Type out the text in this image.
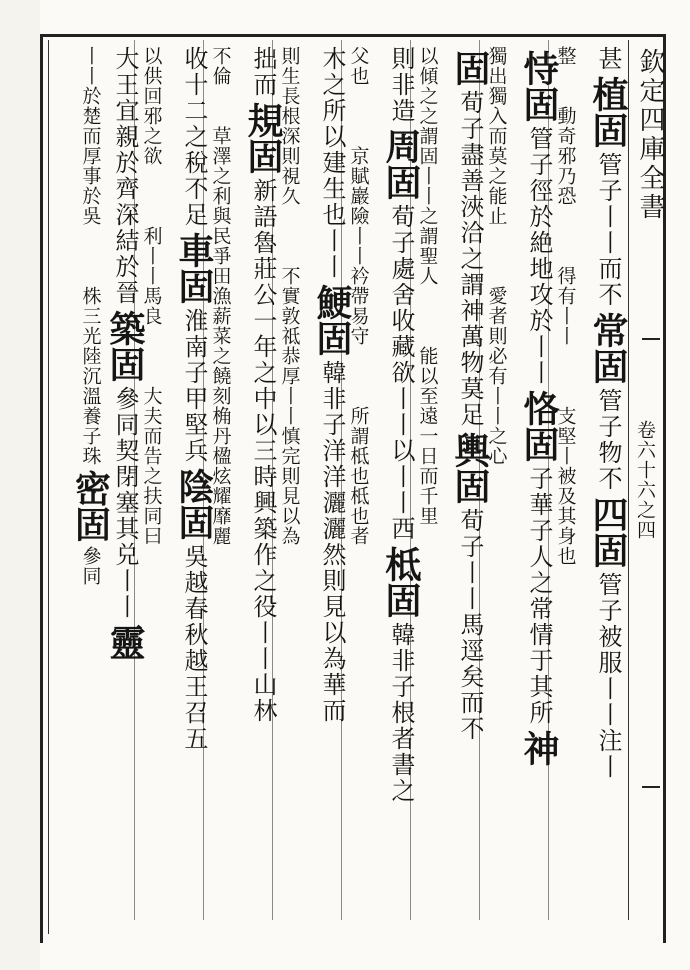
欽定四庫全書
卷六十六之四
甚植固管子丨丨而不常固管子物不四固管子被服丨丨注丨
整　　動奇邪乃恐　　　得有丨丨　　　支堅丨被及其身也
恃固管子徑於絶地攻於丨丨恪固子華子人之常情于其所神
獨出獨入而莫之能止　　　愛者則必有丨丨之心
固荀子盡善浹洽之謂神萬物莫足輿固荀子丨丨馬逕矣而不
以傾之之謂固丨丨之謂聖人　　　能以至遠一日而千里
則非造周固荀子處舍收藏欲丨丨以丨丨西柢固韓非子根者書之
父也　　　京賦巖險丨丨衿帶易守　　　所謂柢也柢也者
木之所以建生也丨丨鯁固韓非子洋洋灑灑然則見以為華而
則生長根深則視久　　　不實敦祗恭厚丨丨慎完則見以為
拙而規固新語魯莊公一年之中以三時興築作之役丨丨山林
不倫　　草澤之利與民爭田漁薪菜之饒刻桷丹楹炫耀靡麗
收十二之稅不足車固淮南子甲堅兵陰固吳越春秋越王召五
以供回邪之欲　　　利丨丨馬良　　　大夫而告之扶同曰
大王宜親於齊深結於晉築固參同契閉塞其兑丨丨靈
丨丨於楚而厚事於吳　　　株三光陸沉溫養子珠密固參同
